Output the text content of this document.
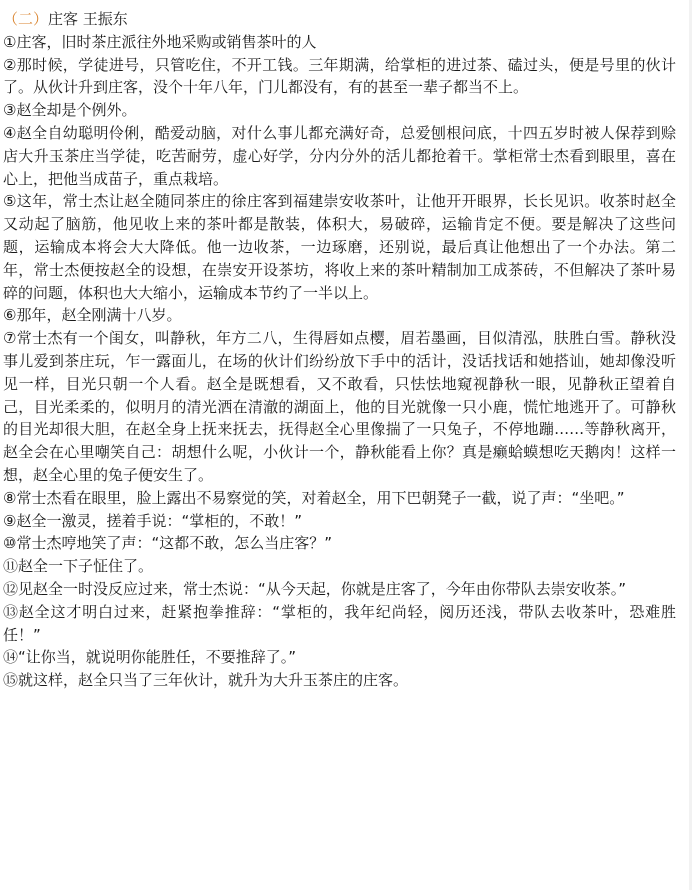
（二）庄客 王振东

①庄客，旧时茶庄派往外地采购或销售茶叶的人

②那时候，学徒进号，只管吃住，不开工钱。三年期满，给掌柜的进过茶、磕过头，便是号里的伙计了。从伙计升到庄客，没个十年八年，门儿都没有，有的甚至一辈子都当不上。

③赵全却是个例外。

④赵全自幼聪明伶俐，酷爱动脑，对什么事儿都充满好奇，总爱刨根问底，十四五岁时被人保荐到赊店大升玉茶庄当学徒，吃苦耐劳，虚心好学，分内分外的活儿都抢着干。掌柜常士杰看到眼里，喜在心上，把他当成苗子，重点栽培。

⑤这年，常士杰让赵全随同茶庄的徐庄客到福建崇安收茶叶，让他开开眼界，长长见识。收茶时赵全又动起了脑筋，他见收上来的茶叶都是散装，体积大，易破碎，运输肯定不便。要是解决了这些问题，运输成本将会大大降低。他一边收茶，一边琢磨，还别说，最后真让他想出了一个办法。第二年，常士杰便按赵全的设想，在崇安开设茶坊，将收上来的茶叶精制加工成茶砖，不但解决了茶叶易碎的问题，体积也大大缩小，运输成本节约了一半以上。

⑥那年，赵全刚满十八岁。

⑦常士杰有一个闺女，叫静秋，年方二八，生得唇如点樱，眉若墨画，目似清泓，肤胜白雪。静秋没事儿爱到茶庄玩，乍一露面儿，在场的伙计们纷纷放下手中的活计，没话找话和她搭讪，她却像没听见一样，目光只朝一个人看。赵全是既想看，又不敢看，只怯怯地窥视静秋一眼，见静秋正望着自己，目光柔柔的，似明月的清光洒在清澈的湖面上，他的目光就像一只小鹿，慌忙地逃开了。可静秋的目光却很大胆，在赵全身上抚来抚去，抚得赵全心里像揣了一只兔子，不停地蹦……等静秋离开，赵全会在心里嘲笑自己：胡想什么呢，小伙计一个，静秋能看上你？真是癞蛤蟆想吃天鹅肉！这样一想，赵全心里的兔子便安生了。

⑧常士杰看在眼里，脸上露出不易察觉的笑，对着赵全，用下巴朝凳子一截，说了声：“坐吧。”

⑨赵全一激灵，搓着手说：“掌柜的，不敢！”

⑩常士杰哼地笑了声：“这都不敢，怎么当庄客？”

⑪赵全一下子怔住了。

⑫见赵全一时没反应过来，常士杰说：“从今天起，你就是庄客了，今年由你带队去崇安收茶。”

⑬赵全这才明白过来，赶紧抱拳推辞：“掌柜的，我年纪尚轻，阅历还浅，带队去收茶叶，恐难胜任！”

⑭“让你当，就说明你能胜任，不要推辞了。”

⑮就这样，赵全只当了三年伙计，就升为大升玉茶庄的庄客。
